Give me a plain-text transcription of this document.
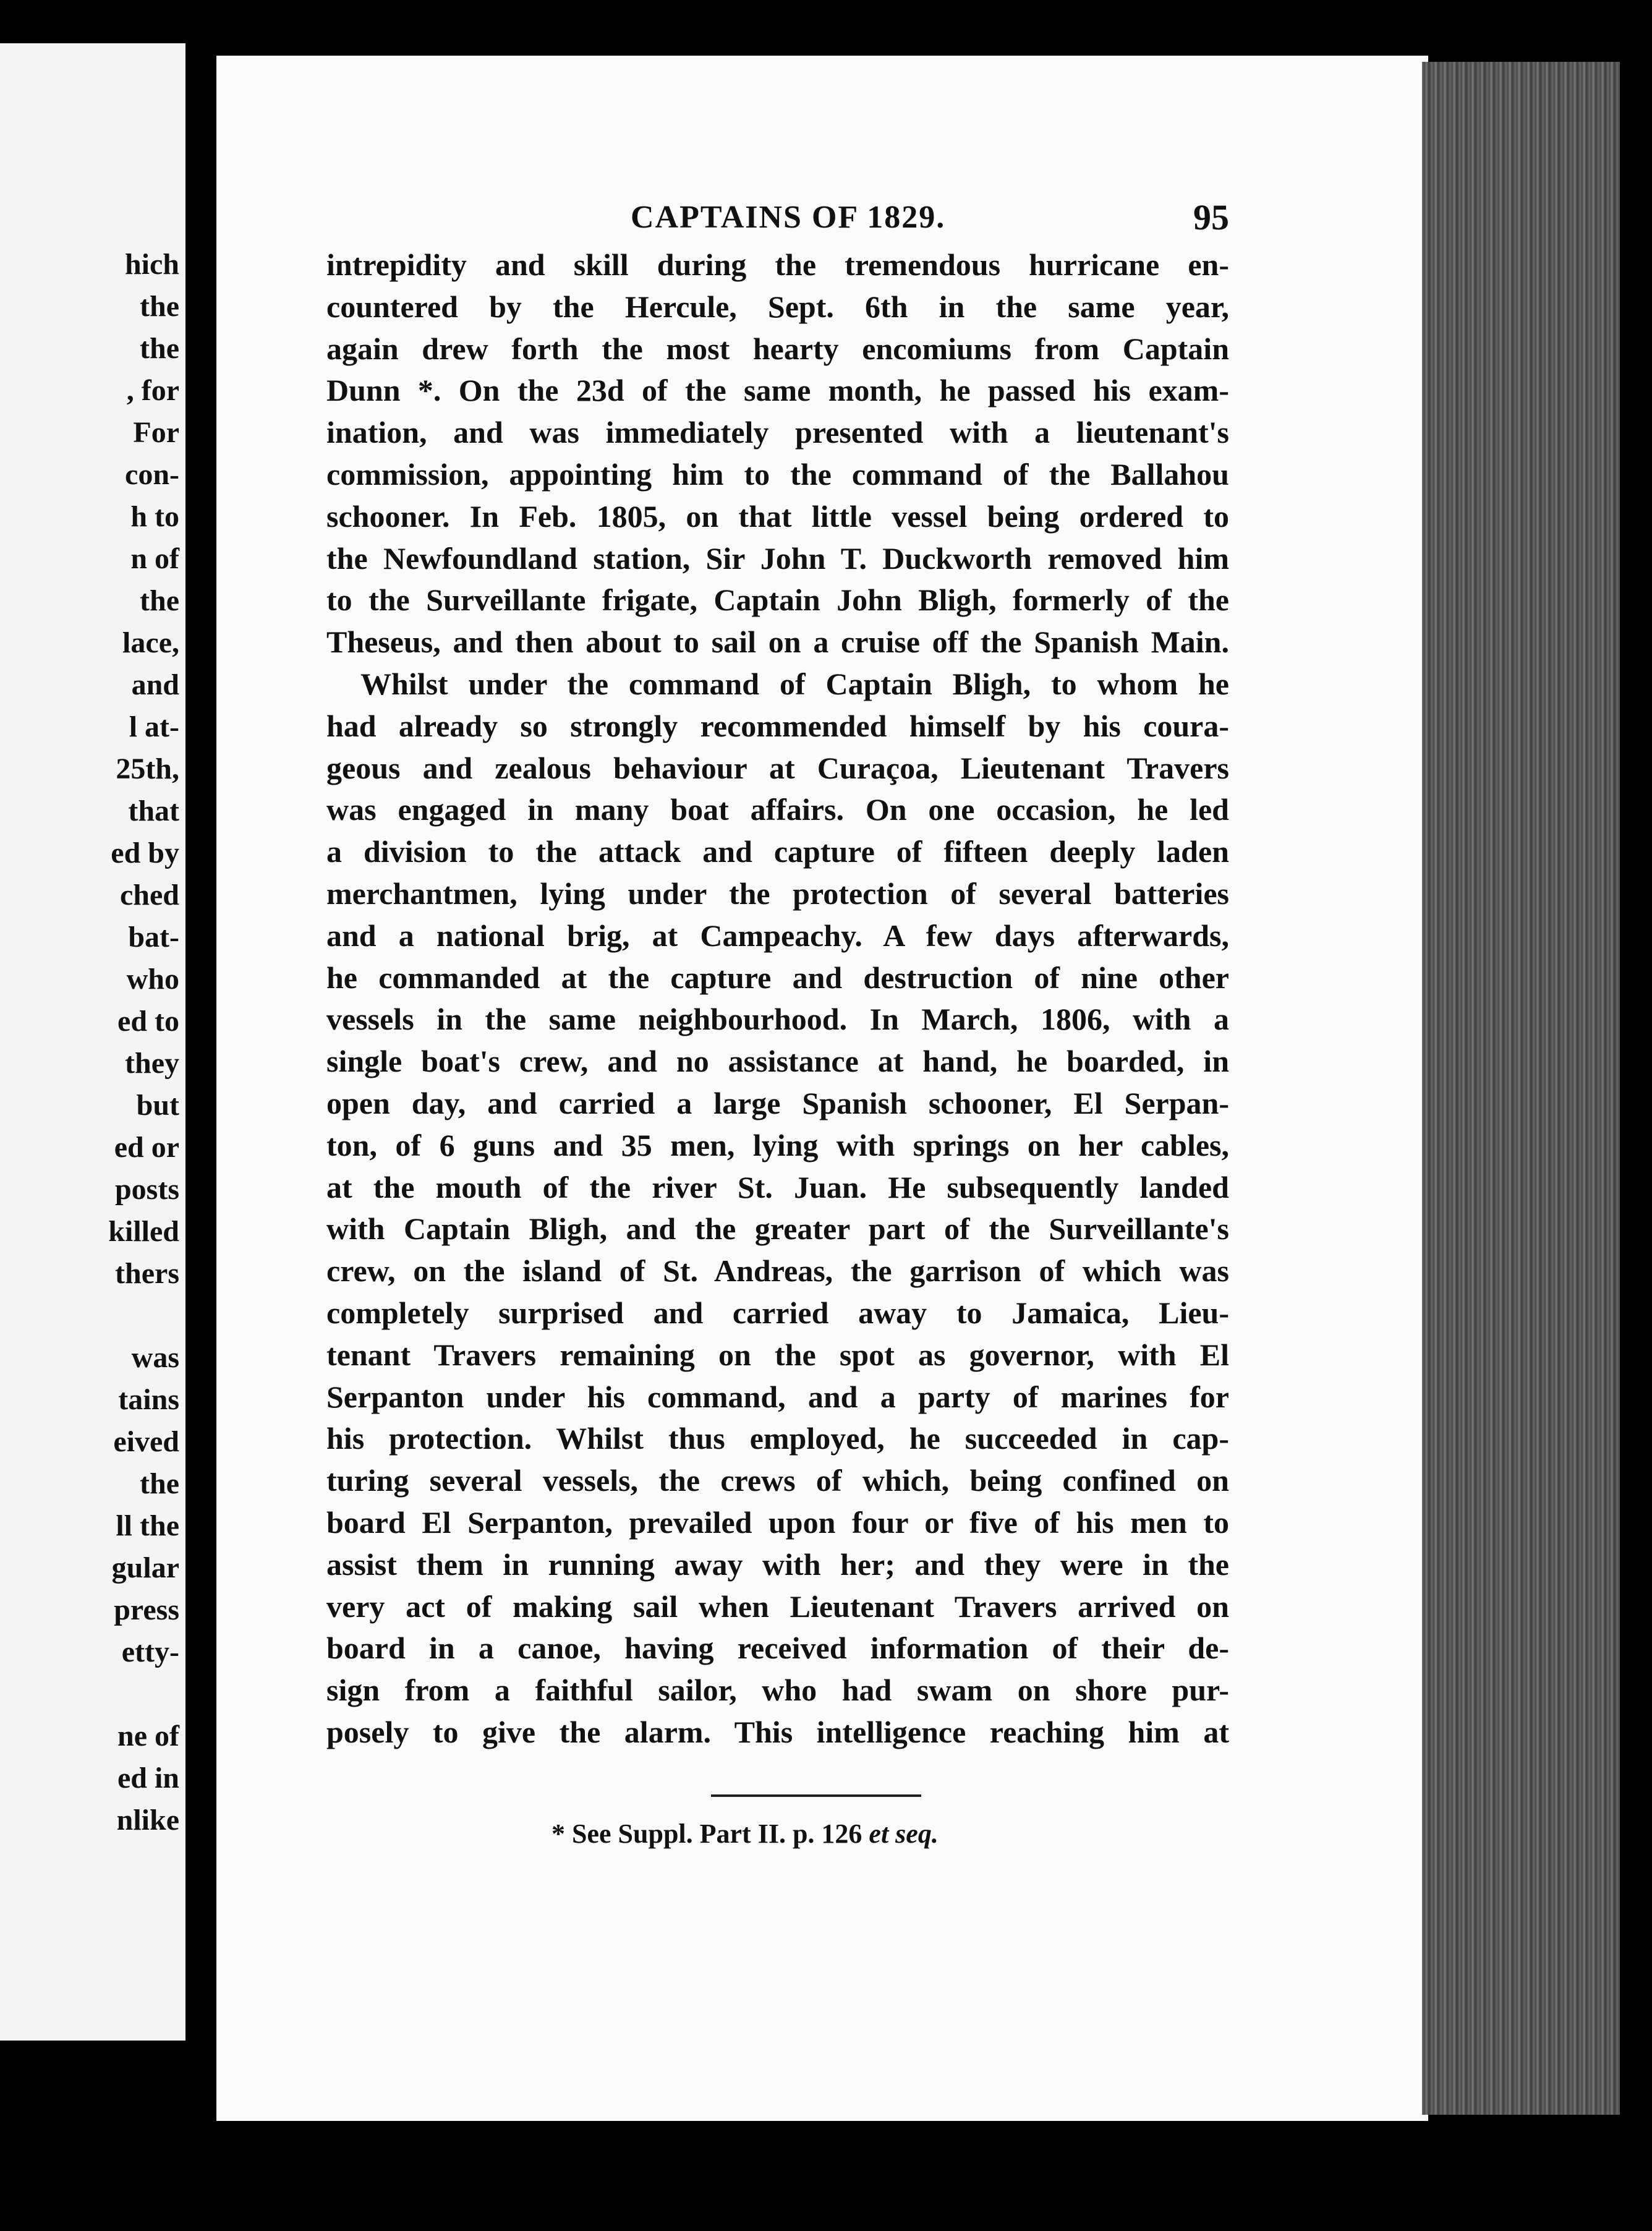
hich
the
the
, for
For
con-
h to
n of
the
lace,
and
l at-
25th,
that
ed by
ched
bat-
who
ed to
they
but
ed or
posts
killed
thers
was
tains
eived
the
ll the
gular
press
etty-
ne of
ed in
nlike
CAPTAINS OF 1829.	95
intrepidity and skill during the tremendous hurricane en-
countered by the Hercule, Sept. 6th in the same year,
again drew forth the most hearty encomiums from Captain
Dunn *. On the 23d of the same month, he passed his exam-
ination, and was immediately presented with a lieutenant's
commission, appointing him to the command of the Ballahou
schooner. In Feb. 1805, on that little vessel being ordered to
the Newfoundland station, Sir John T. Duckworth removed him
to the Surveillante frigate, Captain John Bligh, formerly of the
Theseus, and then about to sail on a cruise off the Spanish Main.
Whilst under the command of Captain Bligh, to whom he
had already so strongly recommended himself by his coura-
geous and zealous behaviour at Curaçoa, Lieutenant Travers
was engaged in many boat affairs. On one occasion, he led
a division to the attack and capture of fifteen deeply laden
merchantmen, lying under the protection of several batteries
and a national brig, at Campeachy. A few days afterwards,
he commanded at the capture and destruction of nine other
vessels in the same neighbourhood. In March, 1806, with a
single boat's crew, and no assistance at hand, he boarded, in
open day, and carried a large Spanish schooner, El Serpan-
ton, of 6 guns and 35 men, lying with springs on her cables,
at the mouth of the river St. Juan. He subsequently landed
with Captain Bligh, and the greater part of the Surveillante's
crew, on the island of St. Andreas, the garrison of which was
completely surprised and carried away to Jamaica, Lieu-
tenant Travers remaining on the spot as governor, with El
Serpanton under his command, and a party of marines for
his protection. Whilst thus employed, he succeeded in cap-
turing several vessels, the crews of which, being confined on
board El Serpanton, prevailed upon four or five of his men to
assist them in running away with her; and they were in the
very act of making sail when Lieutenant Travers arrived on
board in a canoe, having received information of their de-
sign from a faithful sailor, who had swam on shore pur-
posely to give the alarm. This intelligence reaching him at
* See Suppl. Part II. p. 126 et seq.
